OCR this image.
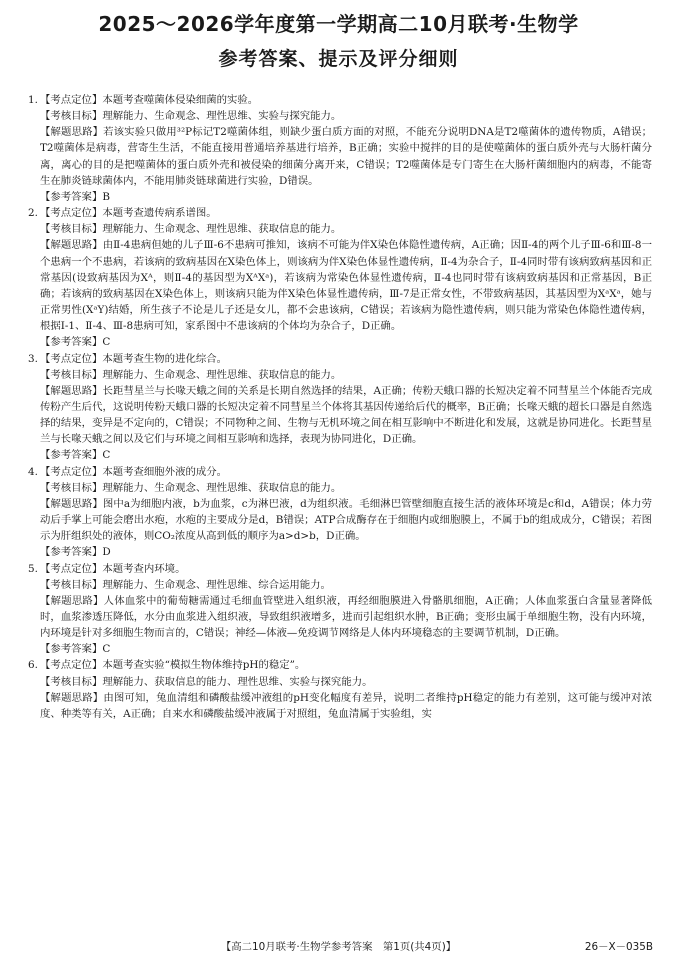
2025～2026学年度第一学期高二10月联考·生物学
参考答案、提示及评分细则

1. 【考点定位】本题考查噬菌体侵染细菌的实验。

【考核目标】理解能力、生命观念、理性思维、实验与探究能力。

【解题思路】若该实验只做用³²P标记T2噬菌体组，则缺少蛋白质方面的对照，不能充分说明DNA是T2噬菌体的遗传物质，A错误；T2噬菌体是病毒，营寄生生活，不能直接用普通培养基进行培养，B正确；实验中搅拌的目的是使噬菌体的蛋白质外壳与大肠杆菌分离，离心的目的是把噬菌体的蛋白质外壳和被侵染的细菌分离开来，C错误；T2噬菌体是专门寄生在大肠杆菌细胞内的病毒，不能寄生在肺炎链球菌体内，不能用肺炎链球菌进行实验，D错误。

【参考答案】B

2. 【考点定位】本题考查遗传病系谱图。

【考核目标】理解能力、生命观念、理性思维、获取信息的能力。

【解题思路】由Ⅱ-4患病但她的儿子Ⅲ-6不患病可推知，该病不可能为伴X染色体隐性遗传病，A正确；因Ⅱ-4的两个儿子Ⅲ-6和Ⅲ-8一个患病一个不患病，若该病的致病基因在X染色体上，则该病为伴X染色体显性遗传病，Ⅱ-4为杂合子，Ⅱ-4同时带有该病致病基因和正常基因(设致病基因为Xᴬ，则Ⅱ-4的基因型为XᴬXᵃ)，若该病为常染色体显性遗传病，Ⅱ-4也同时带有该病致病基因和正常基因，B正确；若该病的致病基因在X染色体上，则该病只能为伴X染色体显性遗传病，Ⅲ-7是正常女性，不带致病基因，其基因型为XᵃXᵃ，她与正常男性(XᵃY)结婚，所生孩子不论是儿子还是女儿，都不会患该病，C错误；若该病为隐性遗传病，则只能为常染色体隐性遗传病，根据Ⅰ-1、Ⅱ-4、Ⅲ-8患病可知，家系图中不患该病的个体均为杂合子，D正确。

【参考答案】C

3. 【考点定位】本题考查生物的进化综合。

【考核目标】理解能力、生命观念、理性思维、获取信息的能力。

【解题思路】长距彗星兰与长喙天蛾之间的关系是长期自然选择的结果，A正确；传粉天蛾口器的长短决定着不同彗星兰个体能否完成传粉产生后代，这说明传粉天蛾口器的长短决定着不同彗星兰个体将其基因传递给后代的概率，B正确；长喙天蛾的超长口器是自然选择的结果，变异是不定向的，C错误；不同物种之间、生物与无机环境之间在相互影响中不断进化和发展，这就是协同进化。长距彗星兰与长喙天蛾之间以及它们与环境之间相互影响和选择，表现为协同进化，D正确。

【参考答案】C

4. 【考点定位】本题考查细胞外液的成分。

【考核目标】理解能力、生命观念、理性思维、获取信息的能力。

【解题思路】图中a为细胞内液，b为血浆，c为淋巴液，d为组织液。毛细淋巴管壁细胞直接生活的液体环境是c和d，A错误；体力劳动后手掌上可能会磨出水疱，水疱的主要成分是d，B错误；ATP合成酶存在于细胞内或细胞膜上，不属于b的组成成分，C错误；若图示为肝组织处的液体，则CO₂浓度从高到低的顺序为a>d>b，D正确。

【参考答案】D

5. 【考点定位】本题考查内环境。

【考核目标】理解能力、生命观念、理性思维、综合运用能力。

【解题思路】人体血浆中的葡萄糖需通过毛细血管壁进入组织液，再经细胞膜进入骨骼肌细胞，A正确；人体血浆蛋白含量显著降低时，血浆渗透压降低，水分由血浆进入组织液，导致组织液增多，进而引起组织水肿，B正确；变形虫属于单细胞生物，没有内环境，内环境是针对多细胞生物而言的，C错误；神经—体液—免疫调节网络是人体内环境稳态的主要调节机制，D正确。

【参考答案】C

6. 【考点定位】本题考查实验“模拟生物体维持pH的稳定”。

【考核目标】理解能力、获取信息的能力、理性思维、实验与探究能力。

【解题思路】由图可知，兔血清组和磷酸盐缓冲液组的pH变化幅度有差异，说明二者维持pH稳定的能力有差别，这可能与缓冲对浓度、种类等有关，A正确；自来水和磷酸盐缓冲液属于对照组，兔血清属于实验组，实

【高二10月联考·生物学参考答案　第1页(共4页)】	26－X－035B
